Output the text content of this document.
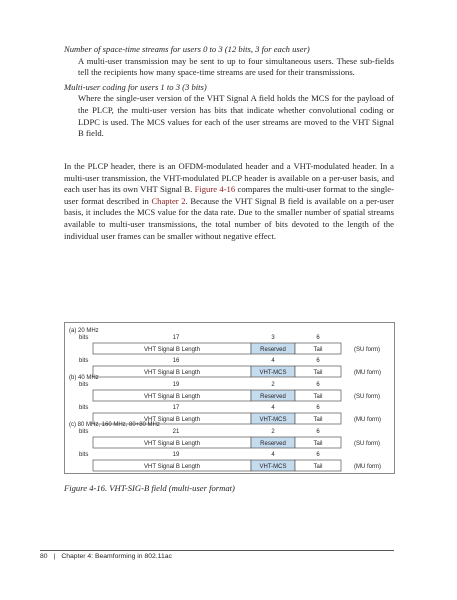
Number of space-time streams for users 0 to 3 (12 bits, 3 for each user)

A multi-user transmission may be sent to up to four simultaneous users. These sub-fields tell the recipients how many space-time streams are used for their transmissions.

Multi-user coding for users 1 to 3 (3 bits)

Where the single-user version of the VHT Signal A field holds the MCS for the payload of the PLCP, the multi-user version has bits that indicate whether convolutional coding or LDPC is used. The MCS values for each of the user streams are moved to the VHT Signal B field.

In the PLCP header, there is an OFDM-modulated header and a VHT-modulated header. In a multi-user transmission, the VHT-modulated PLCP header is available on a per-user basis, and each user has its own VHT Signal B. Figure 4-16 compares the multi-user format to the single-user format described in Chapter 2. Because the VHT Signal B field is available on a per-user basis, it includes the MCS value for the data rate. Due to the smaller number of spatial streams available to multi-user transmissions, the total number of bits devoted to the length of the individual user frames can be smaller without negative effect.

(a) 20 MHz
bits	17	3	6
VHT Signal B Length	Reserved	Tail	(SU form)
bits	16	4	6
VHT Signal B Length	VHT-MCS	Tail	(MU form)
(b) 40 MHz
bits	19	2	6
VHT Signal B Length	Reserved	Tail	(SU form)
bits	17	4	6
VHT Signal B Length	VHT-MCS	Tail	(MU form)
(c) 80 MHz, 160 MHz, 80+80 MHz
bits	21	2	6
VHT Signal B Length	Reserved	Tail	(SU form)
bits	19	4	6
VHT Signal B Length	VHT-MCS	Tail	(MU form)

Figure 4-16. VHT-SIG-B field (multi-user format)

80 | Chapter 4: Beamforming in 802.11ac
